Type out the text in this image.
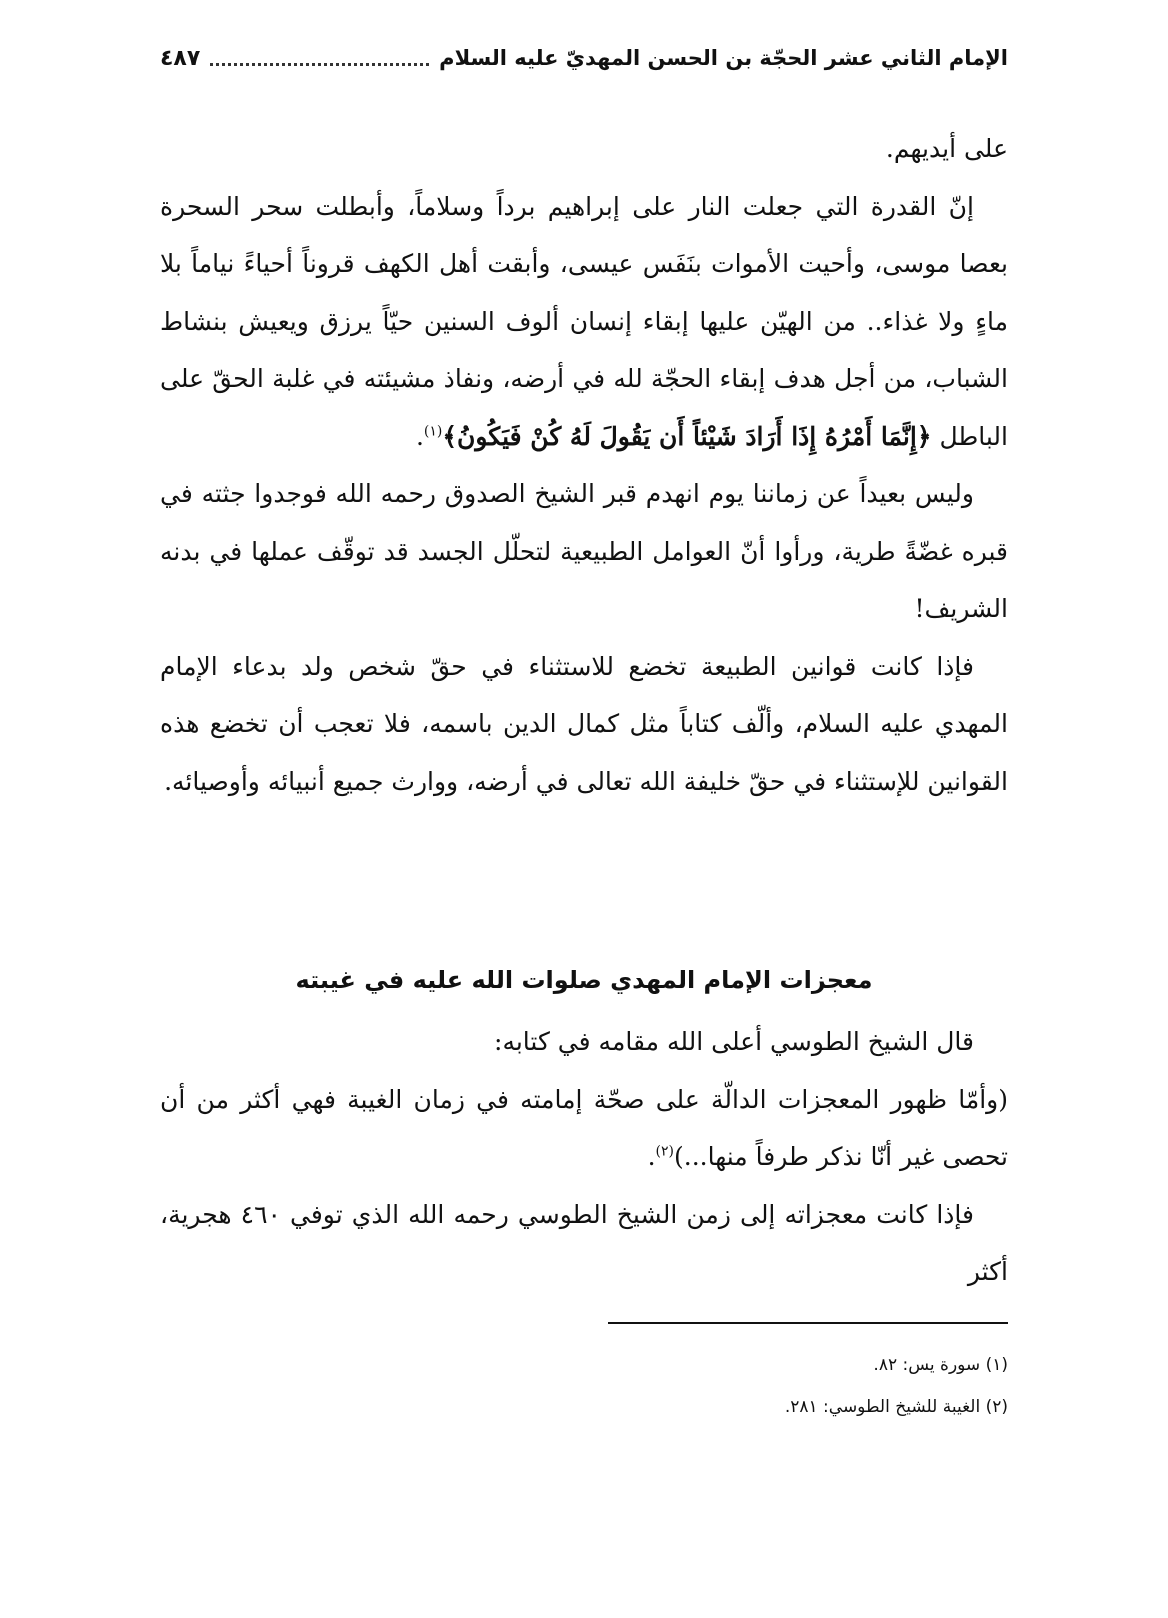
الإمام الثاني عشر الحجّة بن الحسن المهديّ عليه السلام
٤٨٧

على أيديهم.

إنّ القدرة التي جعلت النار على إبراهيم برداً وسلاماً، وأبطلت سحر السحرة بعصا موسى، وأحيت الأموات بنَفَس عيسى، وأبقت أهل الكهف قروناً أحياءً نياماً بلا ماءٍ ولا غذاء.. من الهيّن عليها إبقاء إنسان ألوف السنين حيّاً يرزق ويعيش بنشاط الشباب، من أجل هدف إبقاء الحجّة لله في أرضه، ونفاذ مشيئته في غلبة الحقّ على الباطل ﴿إِنَّمَا أَمْرُهُ إِذَا أَرَادَ شَيْئاً أَن يَقُولَ لَهُ كُنْ فَيَكُونُ﴾$^{(١)}$.

وليس بعيداً عن زماننا يوم انهدم قبر الشيخ الصدوق رحمه الله فوجدوا جثته في قبره غضّةً طرية، ورأوا أنّ العوامل الطبيعية لتحلّل الجسد قد توقّف عملها في بدنه الشريف!

فإذا كانت قوانين الطبيعة تخضع للاستثناء في حقّ شخص ولد بدعاء الإمام المهدي عليه السلام، وألّف كتاباً مثل كمال الدين باسمه، فلا تعجب أن تخضع هذه القوانين للإستثناء في حقّ خليفة الله تعالى في أرضه، ووارث جميع أنبيائه وأوصيائه.

معجزات الإمام المهدي صلوات الله عليه في غيبته

قال الشيخ الطوسي أعلى الله مقامه في كتابه:

(وأمّا ظهور المعجزات الدالّة على صحّة إمامته في زمان الغيبة فهي أكثر من أن تحصى غير أنّا نذكر طرفاً منها...)$^{(٢)}$.

فإذا كانت معجزاته إلى زمن الشيخ الطوسي رحمه الله الذي توفي ٤٦٠ هجرية، أكثر

(١) سورة يس: ٨٢.

(٢) الغيبة للشيخ الطوسي: ٢٨١.
